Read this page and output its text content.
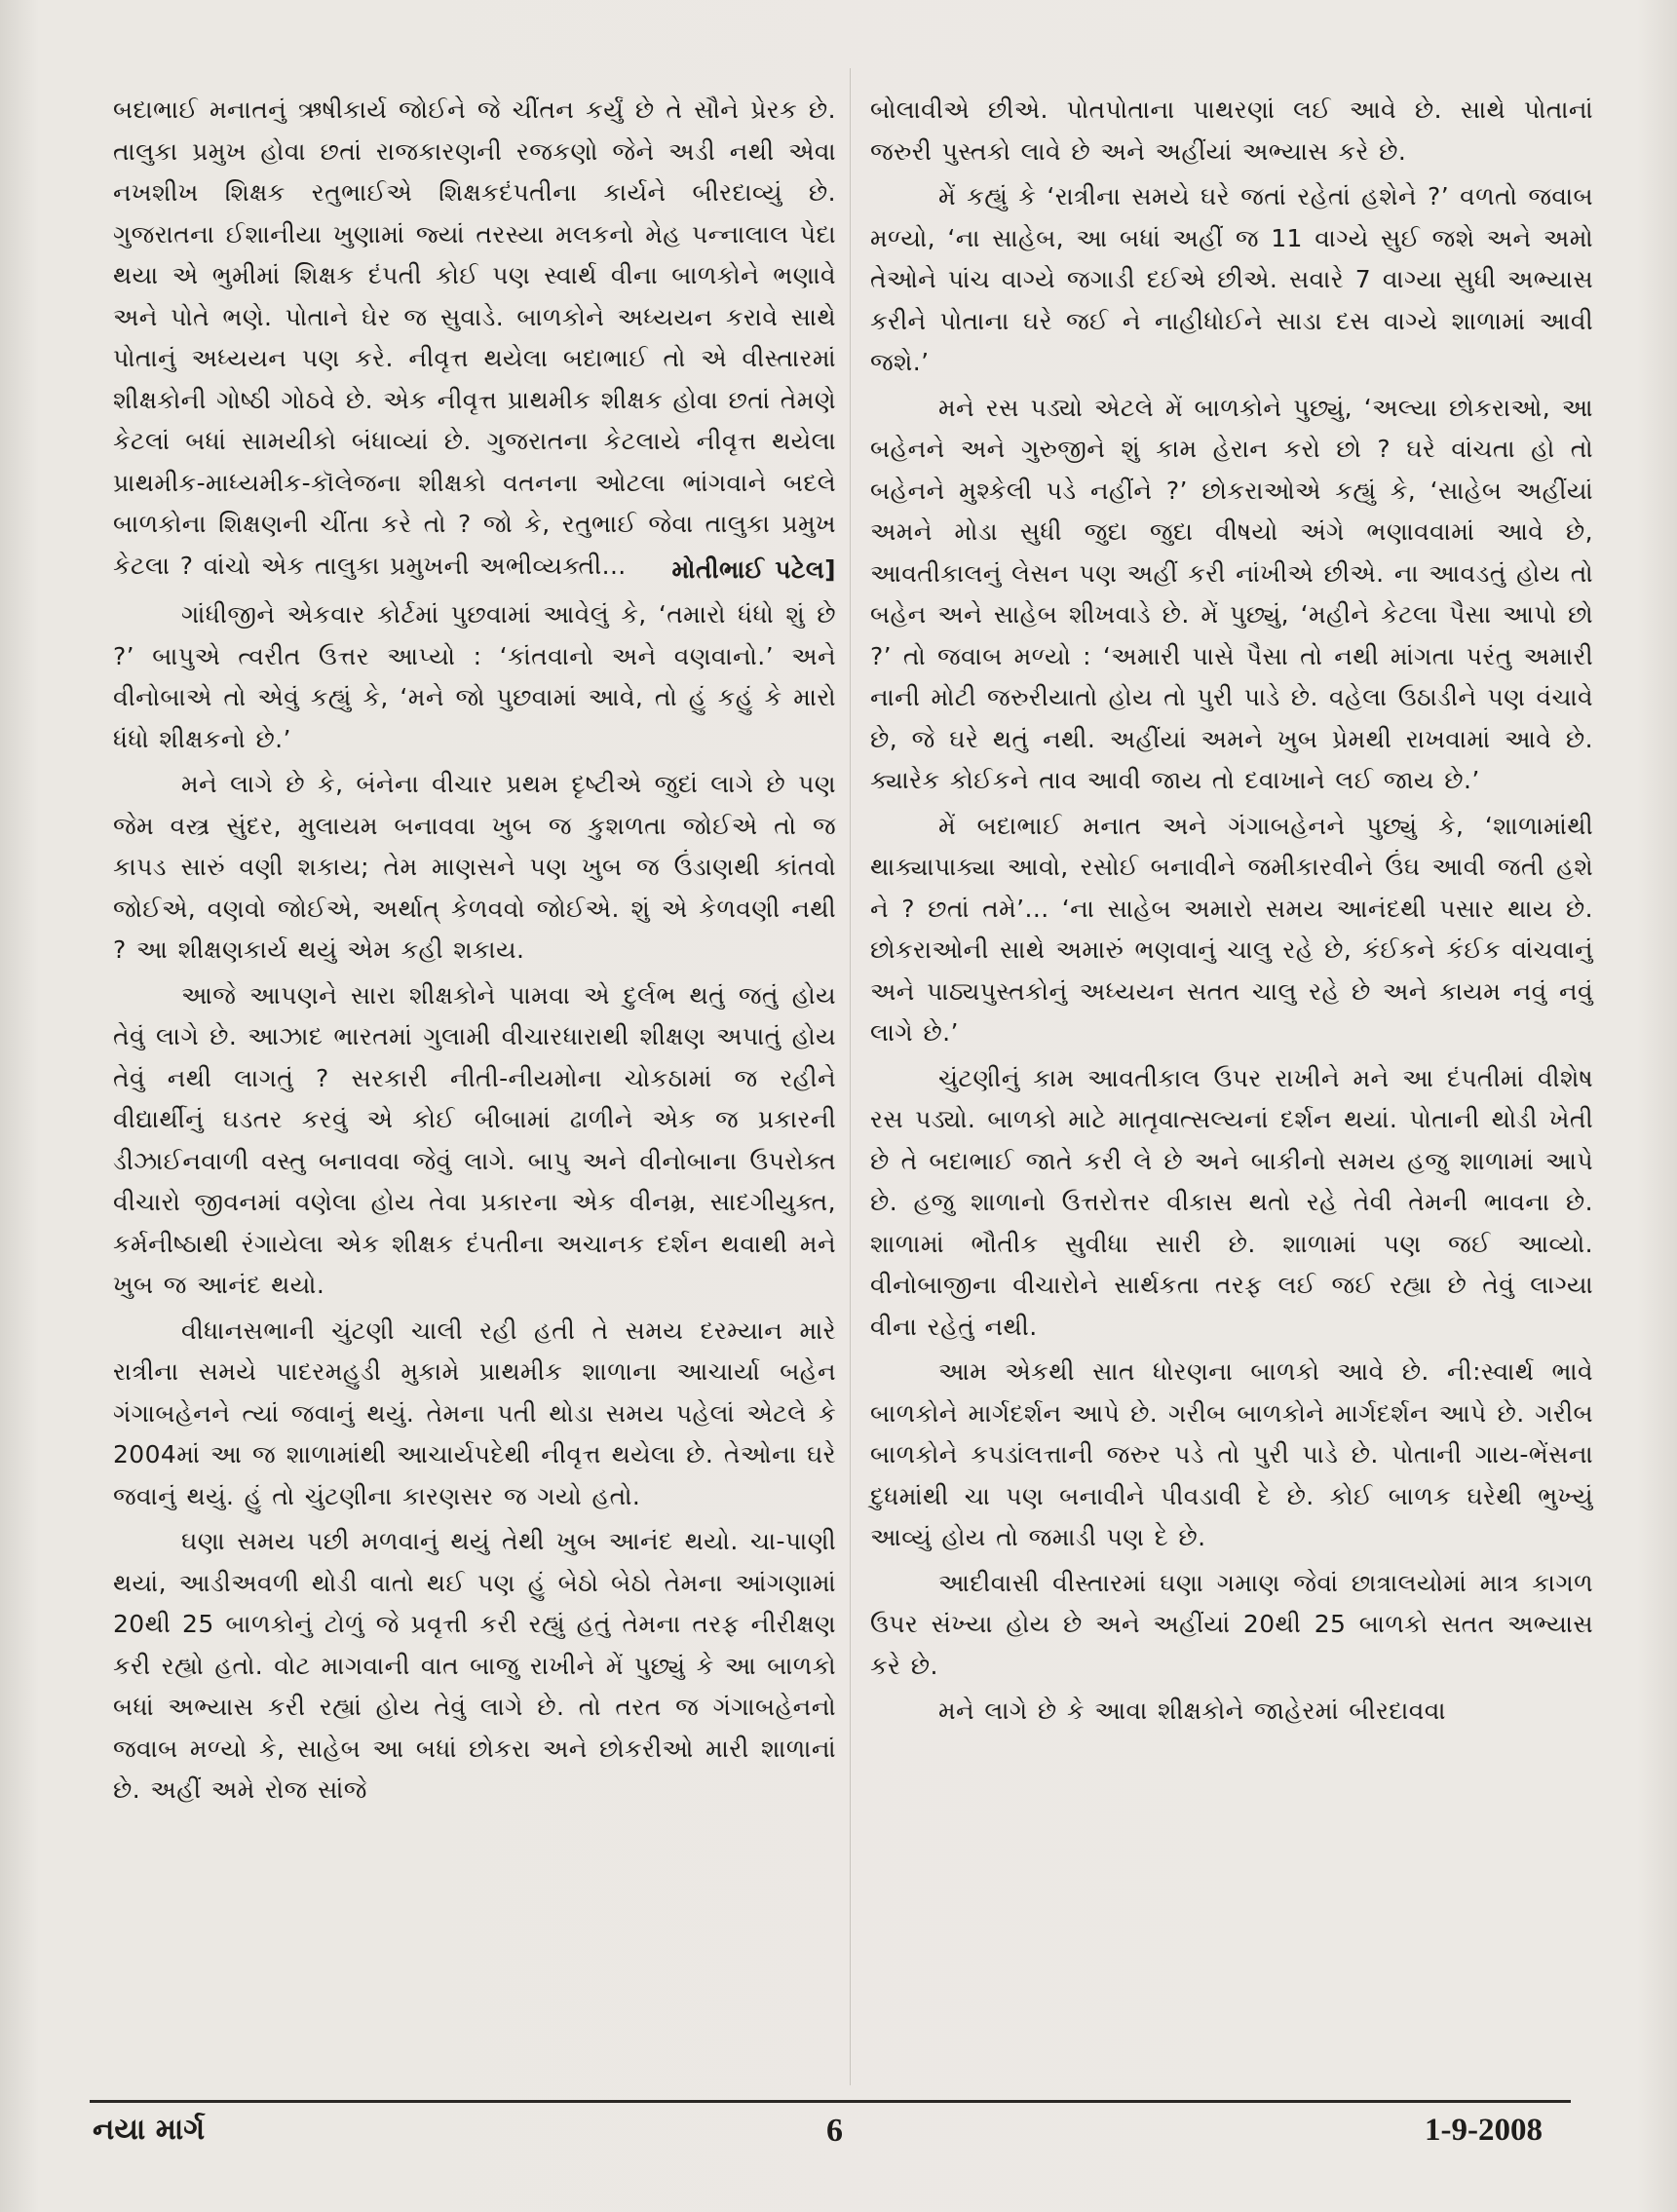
બદાભાઈ મનાતનું ઋષીકાર્ય જોઈને જે ચીંતન કર્યું છે તે સૌને પ્રેરક છે. તાલુકા પ્રમુખ હોવા છતાં રાજકારણની રજકણો જેને અડી નથી એવા નખશીખ શિક્ષક રતુભાઈએ શિક્ષકદંપતીના કાર્યને બીરદાવ્યું છે. ગુજરાતના ઈશાનીયા ખુણામાં જ્યાં તરસ્યા મલકનો મેહ પન્નાલાલ પેદા થયા એ ભુમીમાં શિક્ષક દંપતી કોઈ પણ સ્વાર્થ વીના બાળકોને ભણાવે અને પોતે ભણે. પોતાને ઘેર જ સુવાડે. બાળકોને અધ્યયન કરાવે સાથે પોતાનું અધ્યયન પણ કરે. નીવૃત્ત થયેલા બદાભાઈ તો એ વીસ્તારમાં શીક્ષકોની ગોષ્ઠી ગોઠવે છે. એક નીવૃત્ત પ્રાથમીક શીક્ષક હોવા છતાં તેમણે કેટલાં બધાં સામયીકો બંધાવ્યાં છે. ગુજરાતના કેટલાયે નીવૃત્ત થયેલા પ્રાથમીક-માધ્યમીક-કૉલેજના શીક્ષકો વતનના ઓટલા ભાંગવાને બદલે બાળકોના શિક્ષણની ચીંતા કરે તો ? જો કે, રતુભાઈ જેવા તાલુકા પ્રમુખ કેટલા ? વાંચો એક તાલુકા પ્રમુખની અભીવ્યક્તી...	મોતીભાઈ પટેલ]

ગાંધીજીને એકવાર કોર્ટમાં પુછવામાં આવેલું કે, ‘તમારો ધંધો શું છે ?’ બાપુએ ત્વરીત ઉત્તર આપ્યો : ‘કાંતવાનો અને વણવાનો.’ અને વીનોબાએ તો એવું કહ્યું કે, ‘મને જો પુછવામાં આવે, તો હું કહું કે મારો ધંધો શીક્ષકનો છે.’

મને લાગે છે કે, બંનેના વીચાર પ્રથમ દૃષ્ટીએ જુદાં લાગે છે પણ જેમ વસ્ત્ર સુંદર, મુલાયમ બનાવવા ખુબ જ કુશળતા જોઈએ તો જ કાપડ સારું વણી શકાય; તેમ માણસને પણ ખુબ જ ઉંડાણથી કાંતવો જોઈએ, વણવો જોઈએ, અર્થાત્ કેળવવો જોઈએ. શું એ કેળવણી નથી ? આ શીક્ષણકાર્ય થયું એમ કહી શકાય.

આજે આપણને સારા શીક્ષકોને પામવા એ દુર્લભ થતું જતું હોય તેવું લાગે છે. આઝાદ ભારતમાં ગુલામી વીચારધારાથી શીક્ષણ અપાતું હોય તેવું નથી લાગતું ? સરકારી નીતી-નીયમોના ચોકઠામાં જ રહીને વીદ્યાર્થીનું ઘડતર કરવું એ કોઈ બીબામાં ઢાળીને એક જ પ્રકારની ડીઝાઈનવાળી વસ્તુ બનાવવા જેવું લાગે. બાપુ અને વીનોબાના ઉપરોક્ત વીચારો જીવનમાં વણેલા હોય તેવા પ્રકારના એક વીનમ્ર, સાદગીયુક્ત, કર્મનીષ્ઠાથી રંગાયેલા એક શીક્ષક દંપતીના અચાનક દર્શન થવાથી મને ખુબ જ આનંદ થયો.

વીધાનસભાની ચુંટણી ચાલી રહી હતી તે સમય દરમ્યાન મારે રાત્રીના સમયે પાદરમહુડી મુકામે પ્રાથમીક શાળાના આચાર્યા બહેન ગંગાબહેનને ત્યાં જવાનું થયું. તેમના પતી થોડા સમય પહેલાં એટલે કે 2004માં આ જ શાળામાંથી આચાર્યપદેથી નીવૃત્ત થયેલા છે. તેઓના ઘરે જવાનું થયું. હું તો ચુંટણીના કારણસર જ ગયો હતો.

ઘણા સમય પછી મળવાનું થયું તેથી ખુબ આનંદ થયો. ચા-પાણી થયાં, આડીઅવળી થોડી વાતો થઈ પણ હું બેઠો બેઠો તેમના આંગણામાં 20થી 25 બાળકોનું ટોળું જે પ્રવૃત્તી કરી રહ્યું હતું તેમના તરફ નીરીક્ષણ કરી રહ્યો હતો. વોટ માગવાની વાત બાજુ રાખીને મેં પુછ્યું કે આ બાળકો બધાં અભ્યાસ કરી રહ્યાં હોય તેવું લાગે છે. તો તરત જ ગંગાબહેનનો જવાબ મળ્યો કે, સાહેબ આ બધાં છોકરા અને છોકરીઓ મારી શાળાનાં છે. અહીં અમે રોજ સાંજે

બોલાવીએ છીએ. પોતપોતાના પાથરણાં લઈ આવે છે. સાથે પોતાનાં જરુરી પુસ્તકો લાવે છે અને અહીંયાં અભ્યાસ કરે છે.

મેં કહ્યું કે ‘રાત્રીના સમયે ઘરે જતાં રહેતાં હશેને ?’ વળતો જવાબ મળ્યો, ‘ના સાહેબ, આ બધાં અહીં જ 11 વાગ્યે સુઈ જશે અને અમો તેઓને પાંચ વાગ્યે જગાડી દઈએ છીએ. સવારે 7 વાગ્યા સુધી અભ્યાસ કરીને પોતાના ઘરે જઈ ને નાહીધોઈને સાડા દસ વાગ્યે શાળામાં આવી જશે.’

મને રસ પડ્યો એટલે મેં બાળકોને પુછ્યું, ‘અલ્યા છોકરાઓ, આ બહેનને અને ગુરુજીને શું કામ હેરાન કરો છો ? ઘરે વાંચતા હો તો બહેનને મુશ્કેલી પડે નહીંને ?’ છોકરાઓએ કહ્યું કે, ‘સાહેબ અહીંયાં અમને મોડા સુધી જુદા જુદા વીષયો અંગે ભણાવવામાં આવે છે, આવતીકાલનું લેસન પણ અહીં કરી નાંખીએ છીએ. ના આવડતું હોય તો બહેન અને સાહેબ શીખવાડે છે. મેં પુછ્યું, ‘મહીને કેટલા પૈસા આપો છો ?’ તો જવાબ મળ્યો : ‘અમારી પાસે પૈસા તો નથી માંગતા પરંતુ અમારી નાની મોટી જરુરીયાતો હોય તો પુરી પાડે છે. વહેલા ઉઠાડીને પણ વંચાવે છે, જે ઘરે થતું નથી. અહીંયાં અમને ખુબ પ્રેમથી રાખવામાં આવે છે. ક્યારેક કોઈકને તાવ આવી જાય તો દવાખાને લઈ જાય છે.’

મેં બદાભાઈ મનાત અને ગંગાબહેનને પુછ્યું કે, ‘શાળામાંથી થાક્યાપાક્યા આવો, રસોઈ બનાવીને જમીકારવીને ઉંઘ આવી જતી હશે ને ? છતાં તમે’... ‘ના સાહેબ અમારો સમય આનંદથી પસાર થાય છે. છોકરાઓની સાથે અમારું ભણવાનું ચાલુ રહે છે, કંઈકને કંઈક વાંચવાનું અને પાઠ્યપુસ્તકોનું અધ્યયન સતત ચાલુ રહે છે અને કાયમ નવું નવું લાગે છે.’

ચુંટણીનું કામ આવતીકાલ ઉપર રાખીને મને આ દંપતીમાં વીશેષ રસ પડ્યો. બાળકો માટે માતૃવાત્સલ્યનાં દર્શન થયાં. પોતાની થોડી ખેતી છે તે બદાભાઈ જાતે કરી લે છે અને બાકીનો સમય હજુ શાળામાં આપે છે. હજુ શાળાનો ઉત્તરોત્તર વીકાસ થતો રહે તેવી તેમની ભાવના છે. શાળામાં ભૌતીક સુવીધા સારી છે. શાળામાં પણ જઈ આવ્યો. વીનોબાજીના વીચારોને સાર્થકતા તરફ લઈ જઈ રહ્યા છે તેવું લાગ્યા વીના રહેતું નથી.

આમ એકથી સાત ધોરણના બાળકો આવે છે. ની:સ્વાર્થ ભાવે બાળકોને માર્ગદર્શન આપે છે. ગરીબ બાળકોને માર્ગદર્શન આપે છે. ગરીબ બાળકોને કપડાંલત્તાની જરુર પડે તો પુરી પાડે છે. પોતાની ગાય-ભેંસના દુધમાંથી ચા પણ બનાવીને પીવડાવી દે છે. કોઈ બાળક ઘરેથી ભુખ્યું આવ્યું હોય તો જમાડી પણ દે છે.

આદીવાસી વીસ્તારમાં ઘણા ગમાણ જેવાં છાત્રાલયોમાં માત્ર કાગળ ઉપર સંખ્યા હોય છે અને અહીંયાં 20થી 25 બાળકો સતત અભ્યાસ કરે છે.

મને લાગે છે કે આવા શીક્ષકોને જાહેરમાં બીરદાવવા

નયા માર્ગ	6	1-9-2008
